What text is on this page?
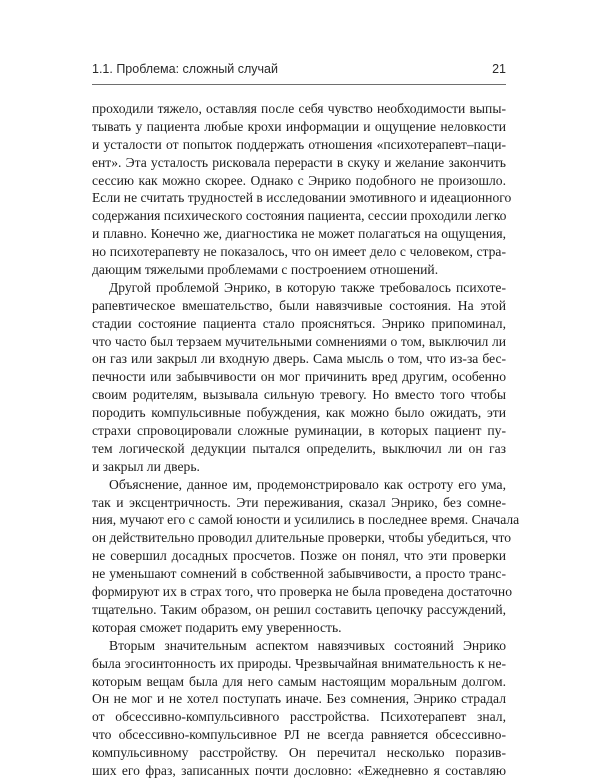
1.1. Проблема: сложный случай	21
проходили тяжело, оставляя после себя чувство необходимости выпы-
тывать у пациента любые крохи информации и ощущение неловкости
и усталости от попыток поддержать отношения «психотерапевт–паци-
ент». Эта усталость рисковала перерасти в скуку и желание закончить
сессию как можно скорее. Однако с Энрико подобного не произошло.
Если не считать трудностей в исследовании эмотивного и идеационного
содержания психического состояния пациента, сессии проходили легко
и плавно. Конечно же, диагностика не может полагаться на ощущения,
но психотерапевту не показалось, что он имеет дело с человеком, стра-
дающим тяжелыми проблемами с построением отношений.
Другой проблемой Энрико, в которую также требовалось психоте-
рапевтическое вмешательство, были навязчивые состояния. На этой
стадии состояние пациента стало проясняться. Энрико припоминал,
что часто был терзаем мучительными сомнениями о том, выключил ли
он газ или закрыл ли входную дверь. Сама мысль о том, что из-за бес-
печности или забывчивости он мог причинить вред другим, особенно
своим родителям, вызывала сильную тревогу. Но вместо того чтобы
породить компульсивные побуждения, как можно было ожидать, эти
страхи спровоцировали сложные руминации, в которых пациент пу-
тем логической дедукции пытался определить, выключил ли он газ
и закрыл ли дверь.
Объяснение, данное им, продемонстрировало как остроту его ума,
так и эксцентричность. Эти переживания, сказал Энрико, без сомне-
ния, мучают его с самой юности и усилились в последнее время. Сначала
он действительно проводил длительные проверки, чтобы убедиться, что
не совершил досадных просчетов. Позже он понял, что эти проверки
не уменьшают сомнений в собственной забывчивости, а просто транс-
формируют их в страх того, что проверка не была проведена достаточно
тщательно. Таким образом, он решил составить цепочку рассуждений,
которая сможет подарить ему уверенность.
Вторым значительным аспектом навязчивых состояний Энрико
была эгосинтонность их природы. Чрезвычайная внимательность к не-
которым вещам была для него самым настоящим моральным долгом.
Он не мог и не хотел поступать иначе. Без сомнения, Энрико страдал
от обсессивно-компульсивного расстройства. Психотерапевт знал,
что обсессивно-компульсивное РЛ не всегда равняется обсессивно-
компульсивному расстройству. Он перечитал несколько поразив-
ших его фраз, записанных почти дословно: «Ежедневно я составляю
